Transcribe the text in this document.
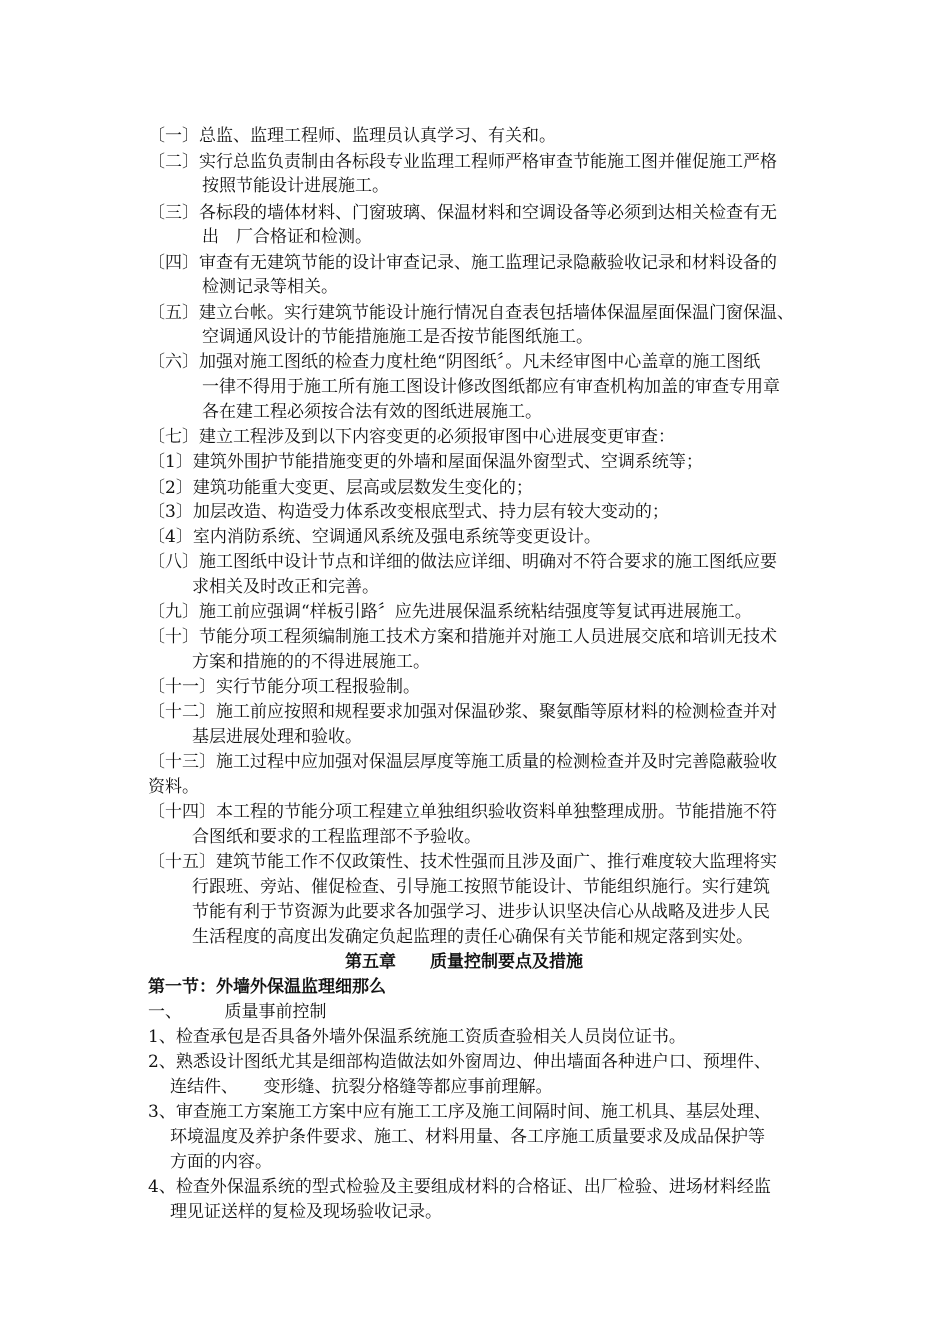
〔一〕总监、监理工程师、监理员认真学习、有关和。
〔二〕实行总监负责制由各标段专业监理工程师严格审查节能施工图并催促施工严格
按照节能设计进展施工。
〔三〕各标段的墙体材料、门窗玻璃、保温材料和空调设备等必须到达相关检查有无
出　厂合格证和检测。
〔四〕审查有无建筑节能的设计审查记录、施工监理记录隐蔽验收记录和材料设备的
检测记录等相关。
〔五〕建立台帐。实行建筑节能设计施行情况自查表包括墙体保温屋面保温门窗保温、
空调通风设计的节能措施施工是否按节能图纸施工。
〔六〕加强对施工图纸的检查力度杜绝“阴图纸〞。凡未经审图中心盖章的施工图纸
一律不得用于施工所有施工图设计修改图纸都应有审查机构加盖的审查专用章
各在建工程必须按合法有效的图纸进展施工。
〔七〕建立工程涉及到以下内容变更的必须报审图中心进展变更审查：
〔1〕建筑外围护节能措施变更的外墙和屋面保温外窗型式、空调系统等；
〔2〕建筑功能重大变更、层高或层数发生变化的；
〔3〕加层改造、构造受力体系改变根底型式、持力层有较大变动的；
〔4〕室内消防系统、空调通风系统及强电系统等变更设计。
〔八〕施工图纸中设计节点和详细的做法应详细、明确对不符合要求的施工图纸应要
求相关及时改正和完善。
〔九〕施工前应强调“样板引路〞应先进展保温系统粘结强度等复试再进展施工。
〔十〕节能分项工程须编制施工技术方案和措施并对施工人员进展交底和培训无技术
方案和措施的的不得进展施工。
〔十一〕实行节能分项工程报验制。
〔十二〕施工前应按照和规程要求加强对保温砂浆、聚氨酯等原材料的检测检查并对
基层进展处理和验收。
〔十三〕施工过程中应加强对保温层厚度等施工质量的检测检查并及时完善隐蔽验收
资料。
〔十四〕本工程的节能分项工程建立单独组织验收资料单独整理成册。节能措施不符
合图纸和要求的工程监理部不予验收。
〔十五〕建筑节能工作不仅政策性、技术性强而且涉及面广、推行难度较大监理将实
行跟班、旁站、催促检查、引导施工按照节能设计、节能组织施行。实行建筑
节能有利于节资源为此要求各加强学习、进步认识坚决信心从战略及进步人民
生活程度的高度出发确定负起监理的责任心确保有关节能和规定落到实处。
第五章　　质量控制要点及措施
第一节：外墙外保温监理细那么
一、　　　质量事前控制
1、检查承包是否具备外墙外保温系统施工资质查验相关人员岗位证书。
2、熟悉设计图纸尤其是细部构造做法如外窗周边、伸出墙面各种进户口、预埋件、
连结件、　　变形缝、抗裂分格缝等都应事前理解。
3、审查施工方案施工方案中应有施工工序及施工间隔时间、施工机具、基层处理、
环境温度及养护条件要求、施工、材料用量、各工序施工质量要求及成品保护等
方面的内容。
4、检查外保温系统的型式检验及主要组成材料的合格证、出厂检验、进场材料经监
理见证送样的复检及现场验收记录。
